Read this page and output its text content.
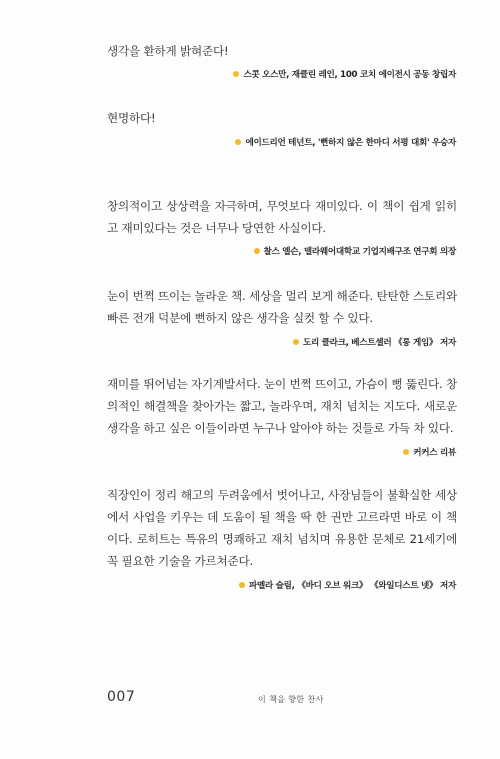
생각을 환하게 밝혀준다!

스콧 오스만, 재클린 레인, 100 코치 에이전시 공동 창립자

현명하다!

에이드리언 테넌트, '뻔하지 않은 한마디 서평 대회' 우승자

창의적이고 상상력을 자극하며, 무엇보다 재미있다. 이 책이 쉽게 읽히고 재미있다는 것은 너무나 당연한 사실이다.

찰스 엘슨, 델라웨어대학교 기업지배구조 연구회 의장

눈이 번쩍 뜨이는 놀라운 책. 세상을 멀리 보게 해준다. 탄탄한 스토리와 빠른 전개 덕분에 뻔하지 않은 생각을 실컷 할 수 있다.

도리 클라크, 베스트셀러 《롱 게임》 저자

재미를 뛰어넘는 자기계발서다. 눈이 번쩍 뜨이고, 가슴이 뻥 뚫린다. 창의적인 해결책을 찾아가는 짧고, 놀라우며, 재치 넘치는 지도다. 새로운 생각을 하고 싶은 이들이라면 누구나 알아야 하는 것들로 가득 차 있다.

커커스 리뷰

직장인이 정리 해고의 두려움에서 벗어나고, 사장님들이 불확실한 세상에서 사업을 키우는 데 도움이 될 책을 딱 한 권만 고르라면 바로 이 책이다. 로히트는 특유의 명쾌하고 재치 넘치며 유용한 문체로 21세기에 꼭 필요한 기술을 가르쳐준다.

파멜라 슬림, 《바디 오브 워크》 《와일디스트 넷》 저자
007	이 책을 향한 찬사
